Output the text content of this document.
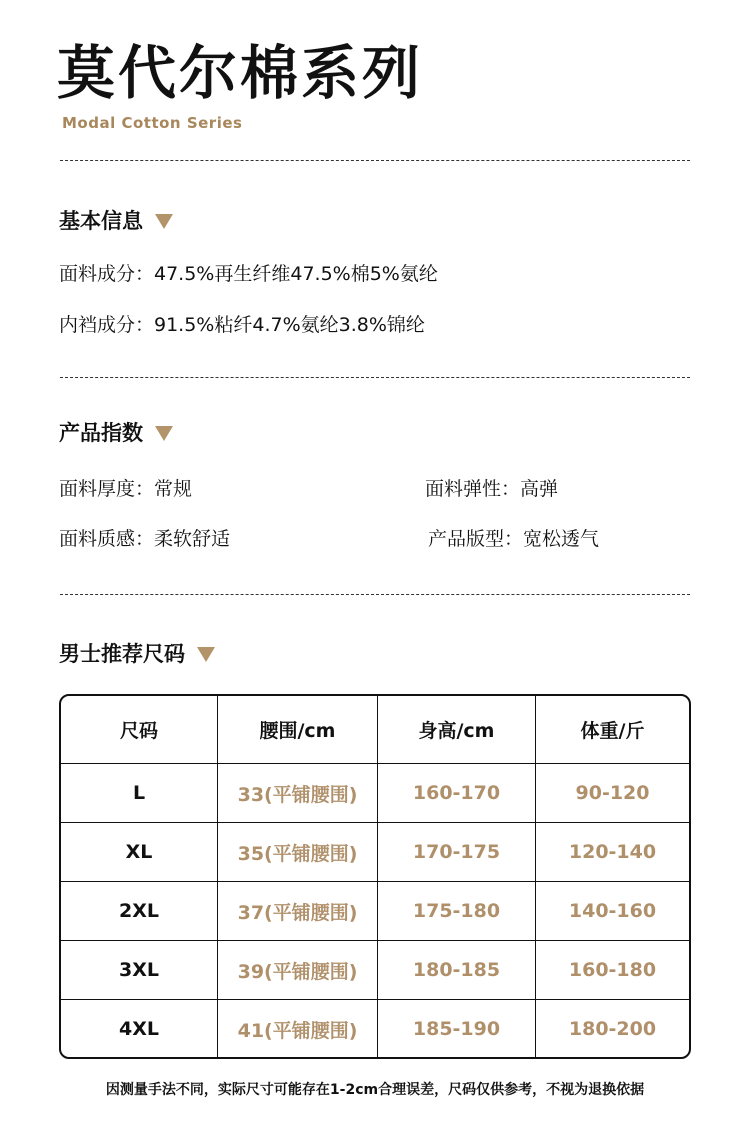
莫代尔棉系列
Modal Cotton Series
基本信息
面料成分：47.5%再生纤维47.5%棉5%氨纶
内裆成分：91.5%粘纤4.7%氨纶3.8%锦纶
产品指数
面料厚度：常规	面料弹性：高弹
面料质感：柔软舒适	产品版型：宽松透气
男士推荐尺码
尺码	腰围/cm	身高/cm	体重/斤
L	33(平铺腰围)	160-170	90-120
XL	35(平铺腰围)	170-175	120-140
2XL	37(平铺腰围)	175-180	140-160
3XL	39(平铺腰围)	180-185	160-180
4XL	41(平铺腰围)	185-190	180-200
因测量手法不同，实际尺寸可能存在1-2cm合理误差，尺码仅供参考，不视为退换依据
